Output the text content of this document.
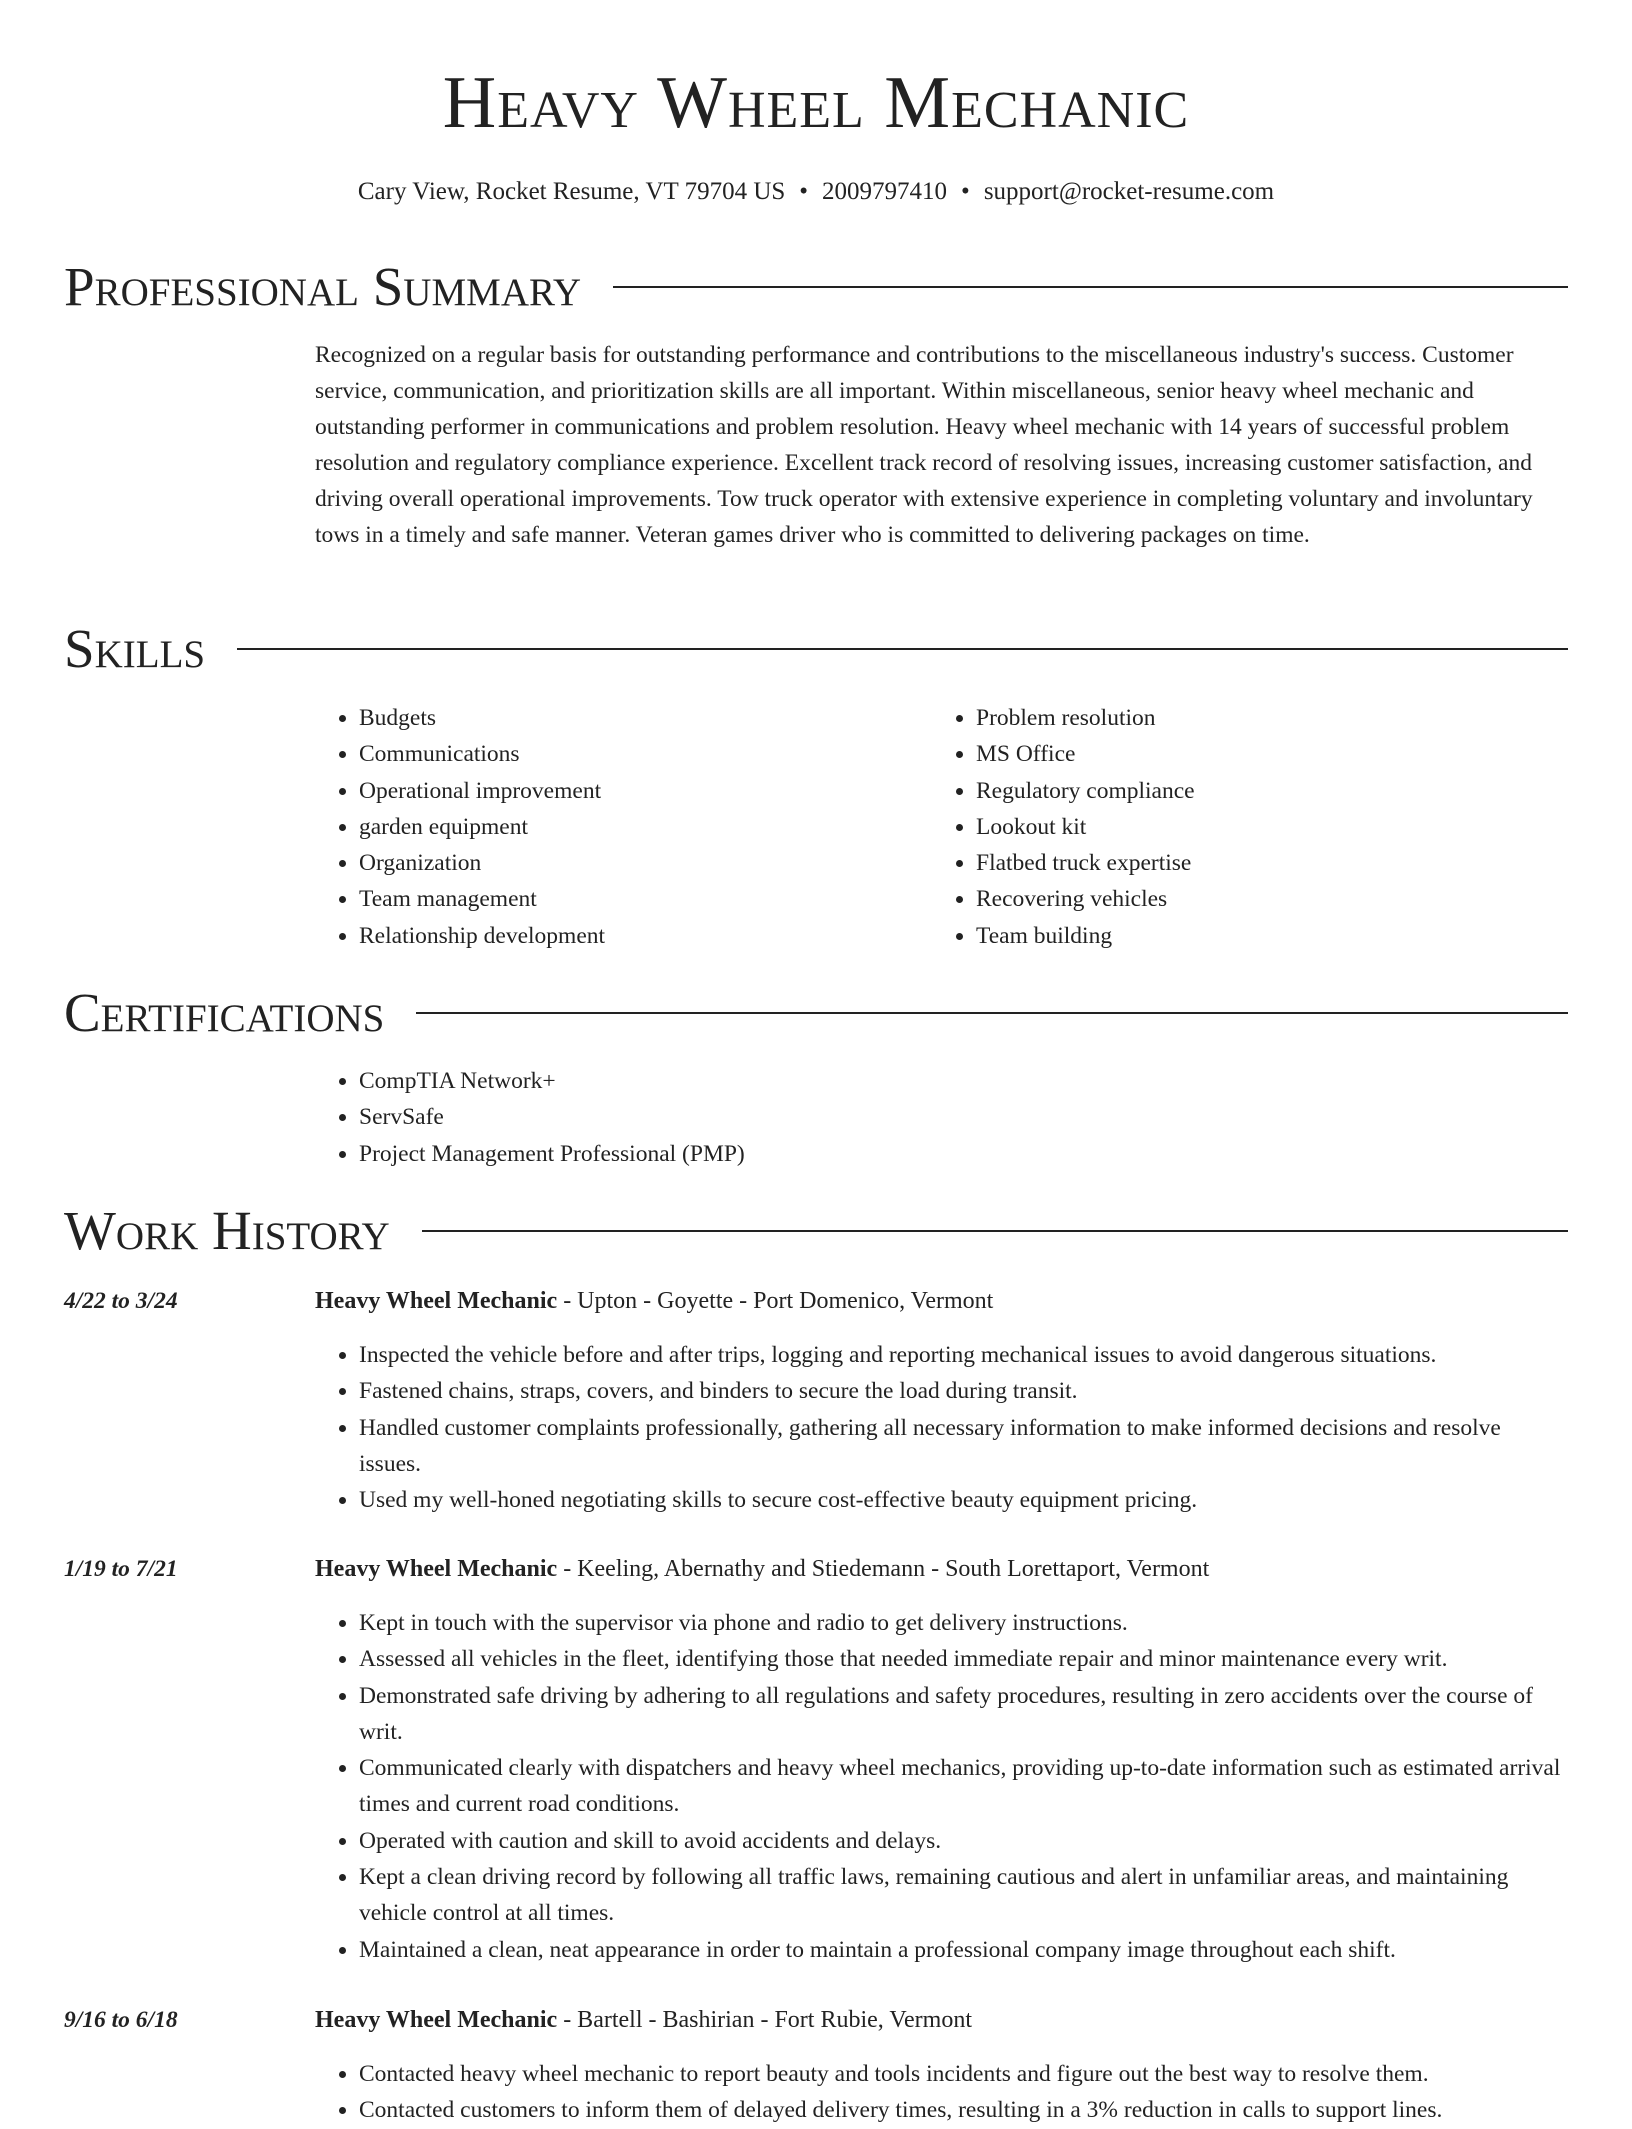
Heavy Wheel Mechanic
Cary View, Rocket Resume, VT 79704 US • 2009797410 • support@rocket-resume.com
Professional Summary

Recognized on a regular basis for outstanding performance and contributions to the miscellaneous industry's success. Customer service, communication, and prioritization skills are all important. Within miscellaneous, senior heavy wheel mechanic and outstanding performer in communications and problem resolution. Heavy wheel mechanic with 14 years of successful problem resolution and regulatory compliance experience. Excellent track record of resolving issues, increasing customer satisfaction, and driving overall operational improvements. Tow truck operator with extensive experience in completing voluntary and involuntary tows in a timely and safe manner. Veteran games driver who is committed to delivering packages on time.

Skills
• Budgets
• Communications
• Operational improvement
• garden equipment
• Organization
• Team management
• Relationship development
• Problem resolution
• MS Office
• Regulatory compliance
• Lookout kit
• Flatbed truck expertise
• Recovering vehicles
• Team building
Certifications
• CompTIA Network+
• ServSafe
• Project Management Professional (PMP)
Work History
4/22 to 3/24	Heavy Wheel Mechanic - Upton - Goyette - Port Domenico, Vermont
• Inspected the vehicle before and after trips, logging and reporting mechanical issues to avoid dangerous situations.
• Fastened chains, straps, covers, and binders to secure the load during transit.
• Handled customer complaints professionally, gathering all necessary information to make informed decisions and resolve issues.
• Used my well-honed negotiating skills to secure cost-effective beauty equipment pricing.
1/19 to 7/21	Heavy Wheel Mechanic - Keeling, Abernathy and Stiedemann - South Lorettaport, Vermont
• Kept in touch with the supervisor via phone and radio to get delivery instructions.
• Assessed all vehicles in the fleet, identifying those that needed immediate repair and minor maintenance every writ.
• Demonstrated safe driving by adhering to all regulations and safety procedures, resulting in zero accidents over the course of writ.
• Communicated clearly with dispatchers and heavy wheel mechanics, providing up-to-date information such as estimated arrival times and current road conditions.
• Operated with caution and skill to avoid accidents and delays.
• Kept a clean driving record by following all traffic laws, remaining cautious and alert in unfamiliar areas, and maintaining vehicle control at all times.
• Maintained a clean, neat appearance in order to maintain a professional company image throughout each shift.
9/16 to 6/18	Heavy Wheel Mechanic - Bartell - Bashirian - Fort Rubie, Vermont
• Contacted heavy wheel mechanic to report beauty and tools incidents and figure out the best way to resolve them.
• Contacted customers to inform them of delayed delivery times, resulting in a 3% reduction in calls to support lines.
